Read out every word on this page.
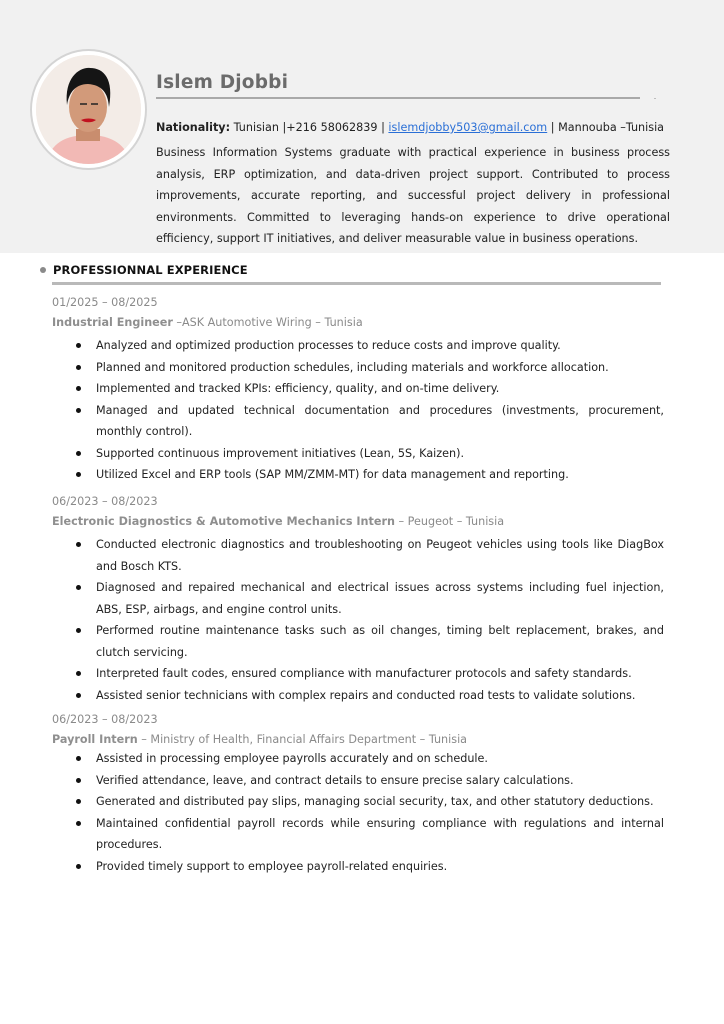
Islem Djobbi
Nationality: Tunisian |+216 58062839 | islemdjobby503@gmail.com | Mannouba –Tunisia
Business Information Systems graduate with practical experience in business process
analysis, ERP optimization, and data-driven project support. Contributed to process
improvements, accurate reporting, and successful project delivery in professional
environments. Committed to leveraging hands-on experience to drive operational
efficiency, support IT initiatives, and deliver measurable value in business operations.
PROFESSIONNAL EXPERIENCE
01/2025 – 08/2025
Industrial Engineer –ASK Automotive Wiring – Tunisia
Analyzed and optimized production processes to reduce costs and improve quality.
Planned and monitored production schedules, including materials and workforce allocation.
Implemented and tracked KPIs: efficiency, quality, and on-time delivery.
Managed and updated technical documentation and procedures (investments, procurement, monthly control).
Supported continuous improvement initiatives (Lean, 5S, Kaizen).
Utilized Excel and ERP tools (SAP MM/ZMM-MT) for data management and reporting.
06/2023 – 08/2023
Electronic Diagnostics & Automotive Mechanics Intern – Peugeot – Tunisia
Conducted electronic diagnostics and troubleshooting on Peugeot vehicles using tools like DiagBox and Bosch KTS.
Diagnosed and repaired mechanical and electrical issues across systems including fuel injection, ABS, ESP, airbags, and engine control units.
Performed routine maintenance tasks such as oil changes, timing belt replacement, brakes, and clutch servicing.
Interpreted fault codes, ensured compliance with manufacturer protocols and safety standards.
Assisted senior technicians with complex repairs and conducted road tests to validate solutions.
06/2023 – 08/2023
Payroll Intern – Ministry of Health, Financial Affairs Department – Tunisia
Assisted in processing employee payrolls accurately and on schedule.
Verified attendance, leave, and contract details to ensure precise salary calculations.
Generated and distributed pay slips, managing social security, tax, and other statutory deductions.
Maintained confidential payroll records while ensuring compliance with regulations and internal procedures.
Provided timely support to employee payroll-related enquiries.
